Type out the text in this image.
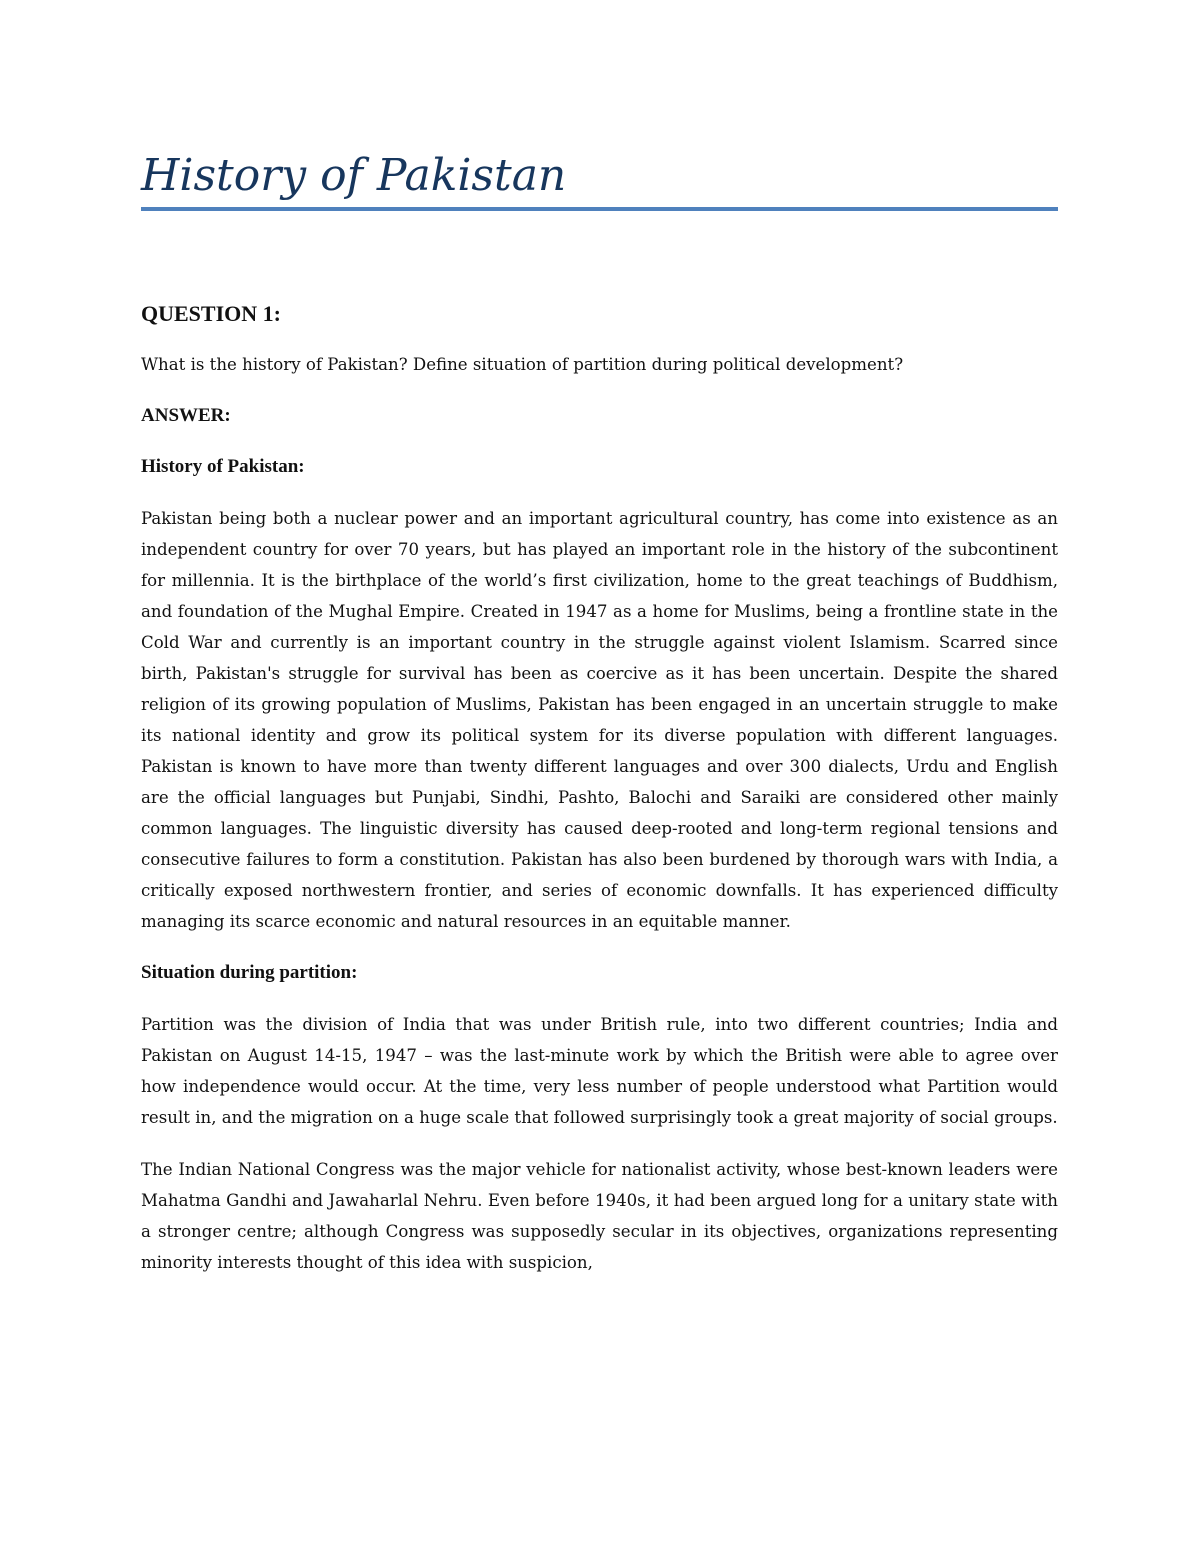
History of Pakistan

QUESTION 1:

What is the history of Pakistan? Define situation of partition during political development?

ANSWER:

History of Pakistan:

Pakistan being both a nuclear power and an important agricultural country, has come into existence as an independent country for over 70 years, but has played an important role in the history of the subcontinent for millennia. It is the birthplace of the world’s first civilization, home to the great teachings of Buddhism, and foundation of the Mughal Empire. Created in 1947 as a home for Muslims, being a frontline state in the Cold War and currently is an important country in the struggle against violent Islamism. Scarred since birth, Pakistan's struggle for survival has been as coercive as it has been uncertain. Despite the shared religion of its growing population of Muslims, Pakistan has been engaged in an uncertain struggle to make its national identity and grow its political system for its diverse population with different languages. Pakistan is known to have more than twenty different languages and over 300 dialects, Urdu and English are the official languages but Punjabi, Sindhi, Pashto, Balochi and Saraiki are considered other mainly common languages. The linguistic diversity has caused deep-rooted and long-term regional tensions and consecutive failures to form a constitution. Pakistan has also been burdened by thorough wars with India, a critically exposed northwestern frontier, and series of economic downfalls. It has experienced difficulty managing its scarce economic and natural resources in an equitable manner.

Situation during partition:

Partition was the division of India that was under British rule, into two different countries; India and Pakistan on August 14-15, 1947 – was the last-minute work by which the British were able to agree over how independence would occur. At the time, very less number of people understood what Partition would result in, and the migration on a huge scale that followed surprisingly took a great majority of social groups.

The Indian National Congress was the major vehicle for nationalist activity, whose best-known leaders were Mahatma Gandhi and Jawaharlal Nehru. Even before 1940s, it had been argued long for a unitary state with a stronger centre; although Congress was supposedly secular in its objectives, organizations representing minority interests thought of this idea with suspicion,
